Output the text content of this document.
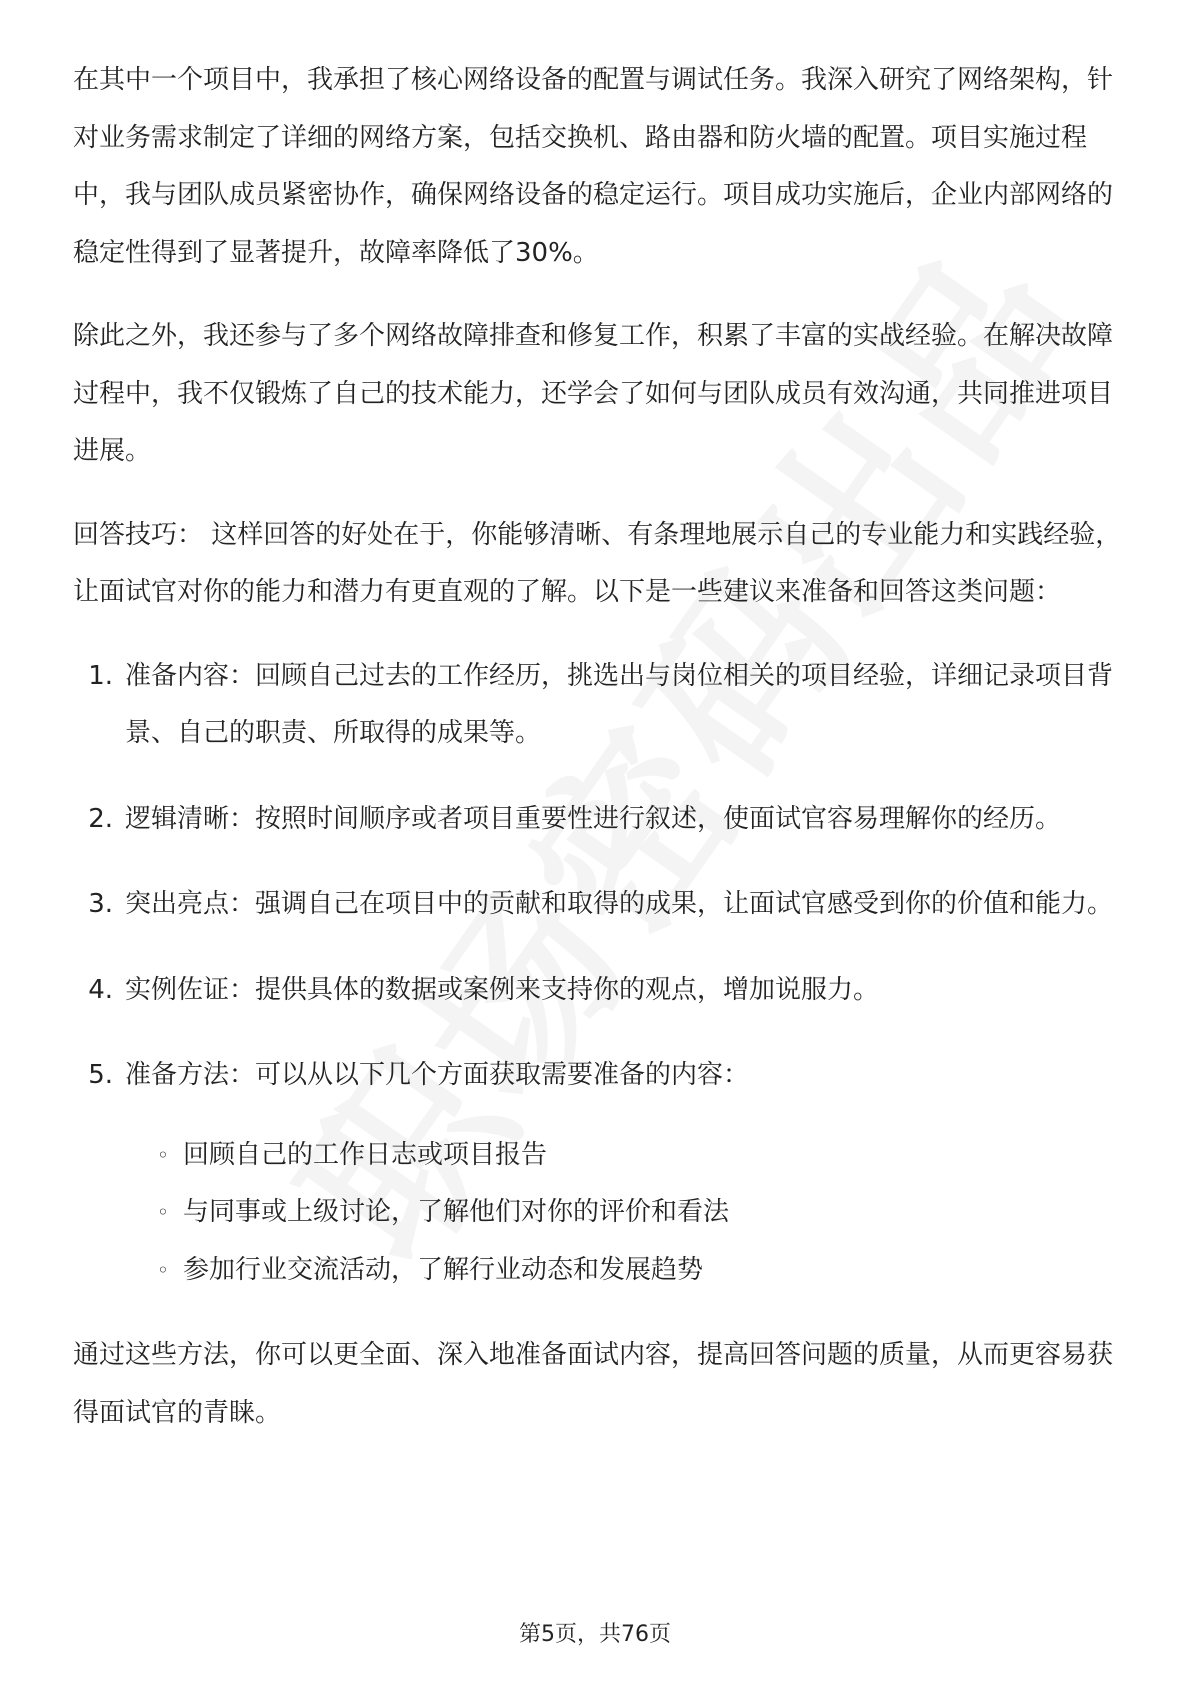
在其中一个项目中，我承担了核心网络设备的配置与调试任务。我深入研究了网络架构，针对业务需求制定了详细的网络方案，包括交换机、路由器和防火墙的配置。项目实施过程中，我与团队成员紧密协作，确保网络设备的稳定运行。项目成功实施后，企业内部网络的稳定性得到了显著提升，故障率降低了30%。

除此之外，我还参与了多个网络故障排查和修复工作，积累了丰富的实战经验。在解决故障过程中，我不仅锻炼了自己的技术能力，还学会了如何与团队成员有效沟通，共同推进项目进展。

回答技巧： 这样回答的好处在于，你能够清晰、有条理地展示自己的专业能力和实践经验，让面试官对你的能力和潜力有更直观的了解。以下是一些建议来准备和回答这类问题：

1. 准备内容：回顾自己过去的工作经历，挑选出与岗位相关的项目经验，详细记录项目背景、自己的职责、所取得的成果等。
2. 逻辑清晰：按照时间顺序或者项目重要性进行叙述，使面试官容易理解你的经历。
3. 突出亮点：强调自己在项目中的贡献和取得的成果，让面试官感受到你的价值和能力。
4. 实例佐证：提供具体的数据或案例来支持你的观点，增加说服力。
5. 准备方法：可以从以下几个方面获取需要准备的内容：
◦ 回顾自己的工作日志或项目报告
◦ 与同事或上级讨论，了解他们对你的评价和看法
◦ 参加行业交流活动，了解行业动态和发展趋势

通过这些方法，你可以更全面、深入地准备面试内容，提高回答问题的质量，从而更容易获得面试官的青睐。

第5页，共76页
